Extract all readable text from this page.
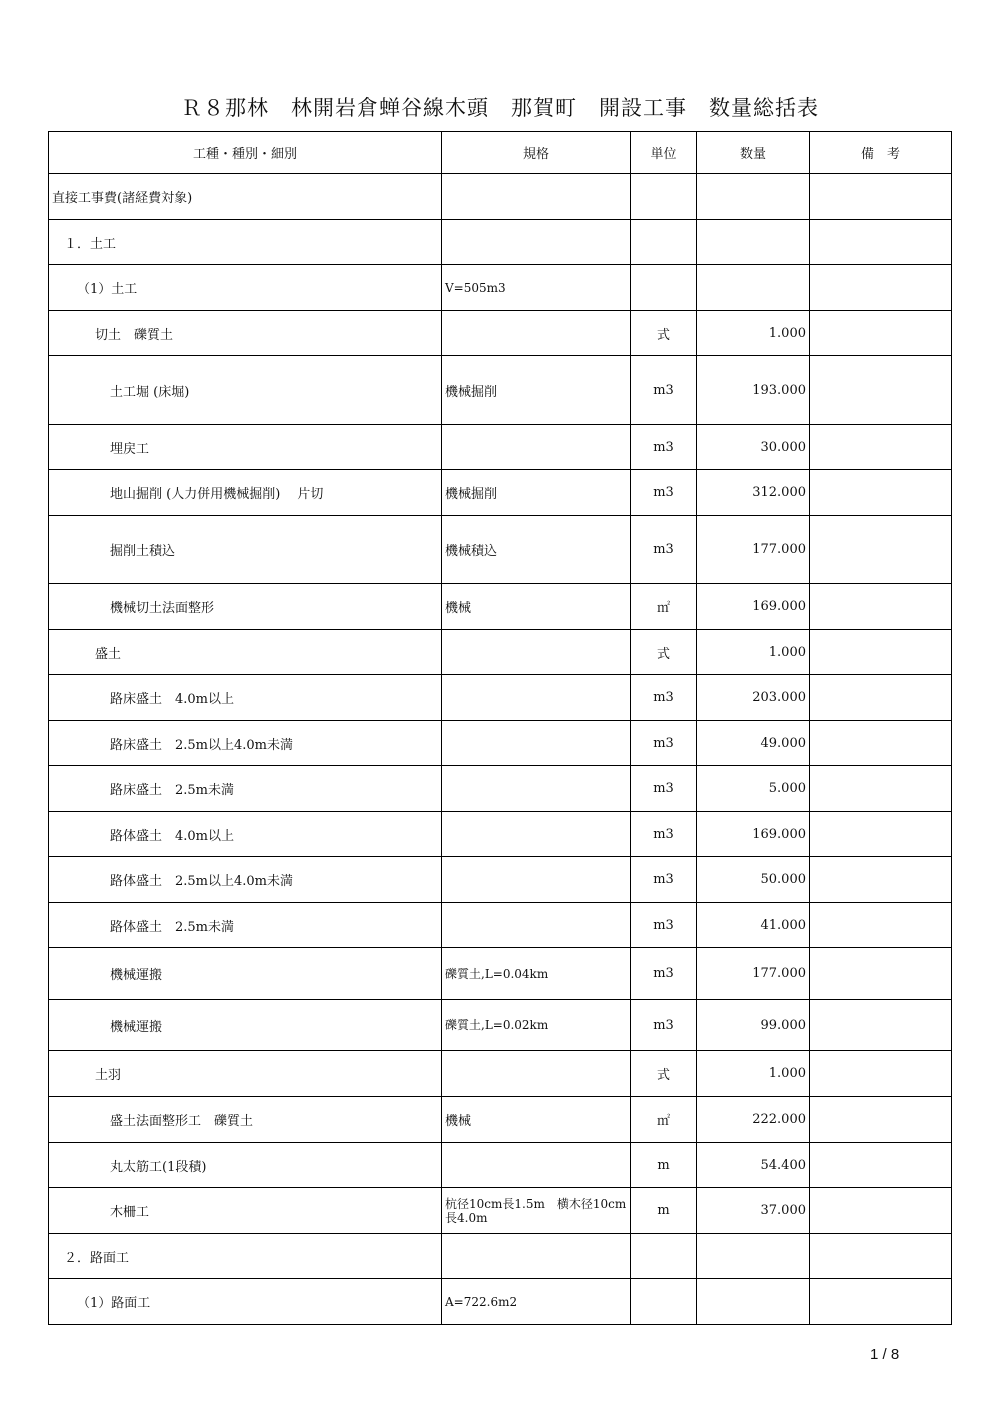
Ｒ８那林　林開岩倉蝉谷線木頭　那賀町　開設工事　数量総括表
工種・種別・細別	規格	単位	数量	備　考
直接工事費(諸経費対象)				
１．土工				
（1）土工	V=505m3			
切土　礫質土		式	1.000	
土工堀 (床堀)	機械掘削	m3	193.000	
埋戻工		m3	30.000	
地山掘削 (人力併用機械掘削)　 片切	機械掘削	m3	312.000	
掘削土積込	機械積込	m3	177.000	
機械切土法面整形	機械	㎡	169.000	
盛土		式	1.000	
路床盛土　4.0m以上		m3	203.000	
路床盛土　2.5m以上4.0m未満		m3	49.000	
路床盛土　2.5m未満		m3	5.000	
路体盛土　4.0m以上		m3	169.000	
路体盛土　2.5m以上4.0m未満		m3	50.000	
路体盛土　2.5m未満		m3	41.000	
機械運搬	礫質土,L=0.04km	m3	177.000	
機械運搬	礫質土,L=0.02km	m3	99.000	
土羽		式	1.000	
盛土法面整形工　礫質土	機械	㎡	222.000	
丸太筋工(1段積)		m	54.400	
木柵工	杭径10cm長1.5m　横木径10cm長4.0m	m	37.000	
２．路面工				
（1）路面工	A=722.6m2			
1 / 8
